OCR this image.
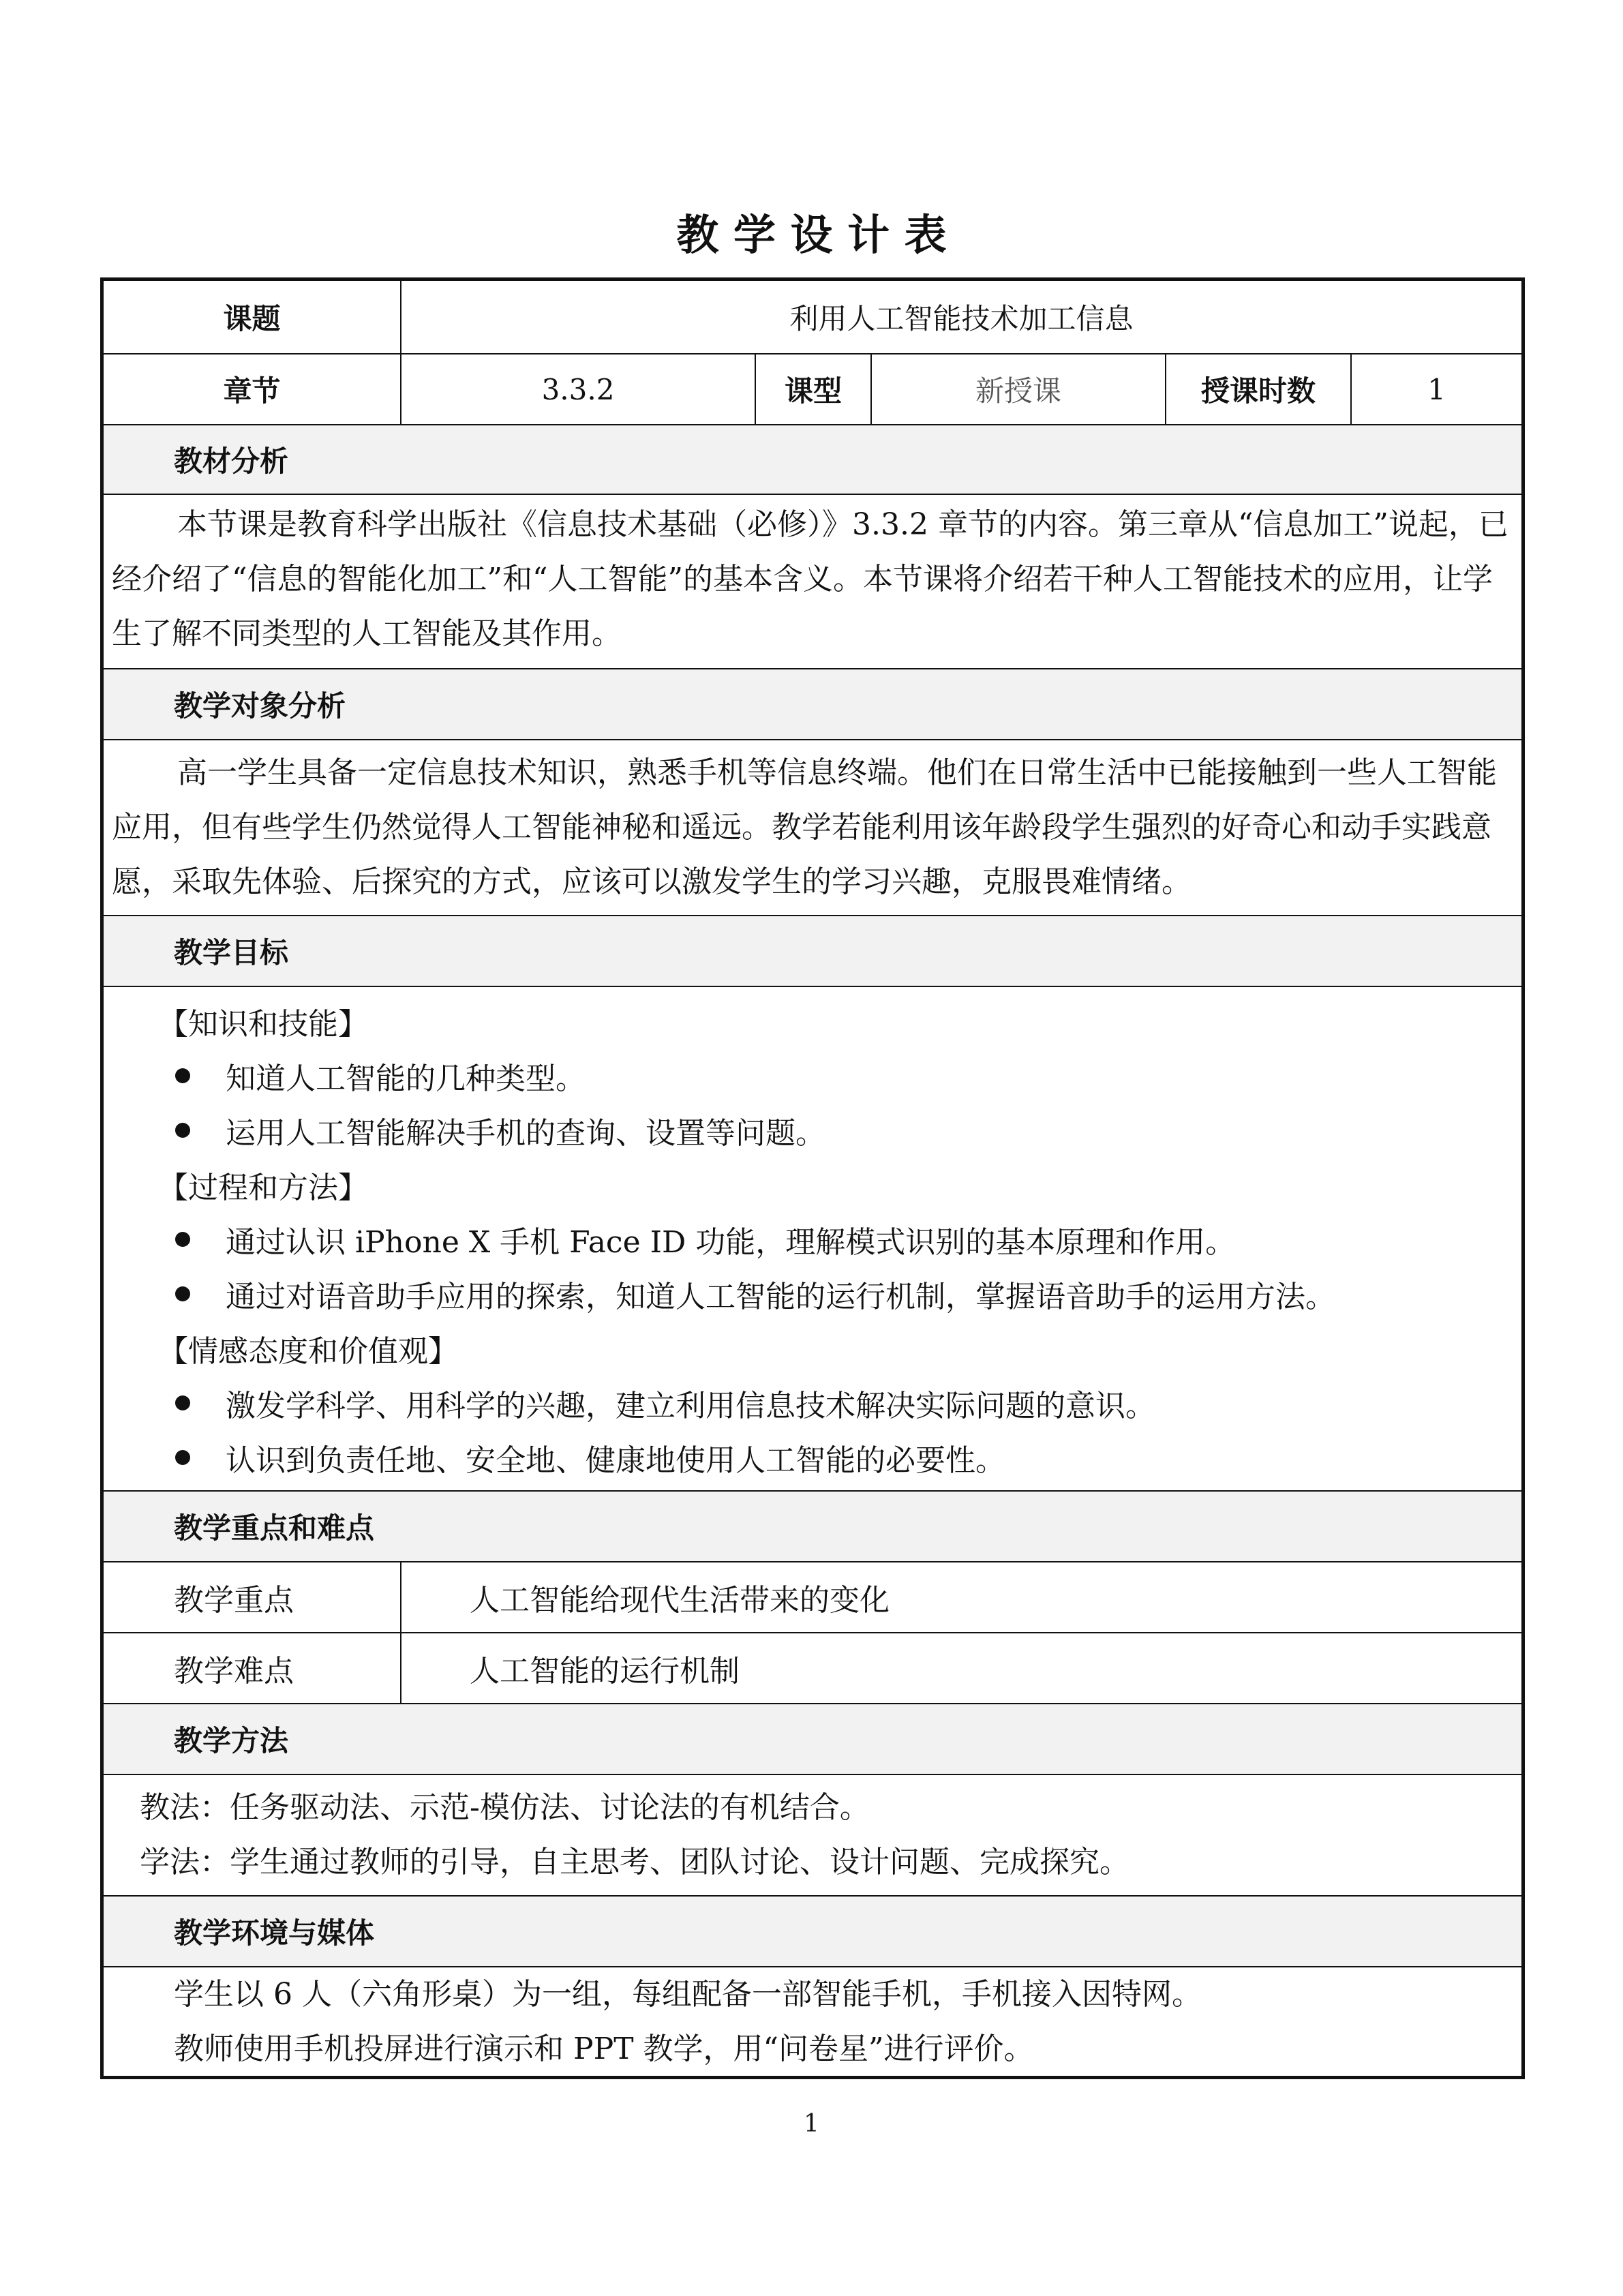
教 学 设 计 表
课题	利用人工智能技术加工信息
章节	3.3.2	课型	新授课	授课时数	1
教材分析

本节课是教育科学出版社《信息技术基础（必修）》3.3.2 章节的内容。第三章从“信息加工”说起，已经介绍了“信息的智能化加工”和“人工智能”的基本含义。本节课将介绍若干种人工智能技术的应用，让学生了解不同类型的人工智能及其作用。

教学对象分析

高一学生具备一定信息技术知识，熟悉手机等信息终端。他们在日常生活中已能接触到一些人工智能应用，但有些学生仍然觉得人工智能神秘和遥远。教学若能利用该年龄段学生强烈的好奇心和动手实践意愿，采取先体验、后探究的方式，应该可以激发学生的学习兴趣，克服畏难情绪。

教学目标
【知识和技能】
知道人工智能的几种类型。
运用人工智能解决手机的查询、设置等问题。
【过程和方法】
通过认识 iPhone X 手机 Face ID 功能，理解模式识别的基本原理和作用。
通过对语音助手应用的探索，知道人工智能的运行机制，掌握语音助手的运用方法。
【情感态度和价值观】
激发学科学、用科学的兴趣，建立利用信息技术解决实际问题的意识。
认识到负责任地、安全地、健康地使用人工智能的必要性。
教学重点和难点
教学重点	人工智能给现代生活带来的变化
教学难点	人工智能的运行机制
教学方法

教法：任务驱动法、示范-模仿法、讨论法的有机结合。

学法：学生通过教师的引导，自主思考、团队讨论、设计问题、完成探究。

教学环境与媒体

学生以 6 人（六角形桌）为一组，每组配备一部智能手机，手机接入因特网。

教师使用手机投屏进行演示和 PPT 教学，用“问卷星”进行评价。

1
